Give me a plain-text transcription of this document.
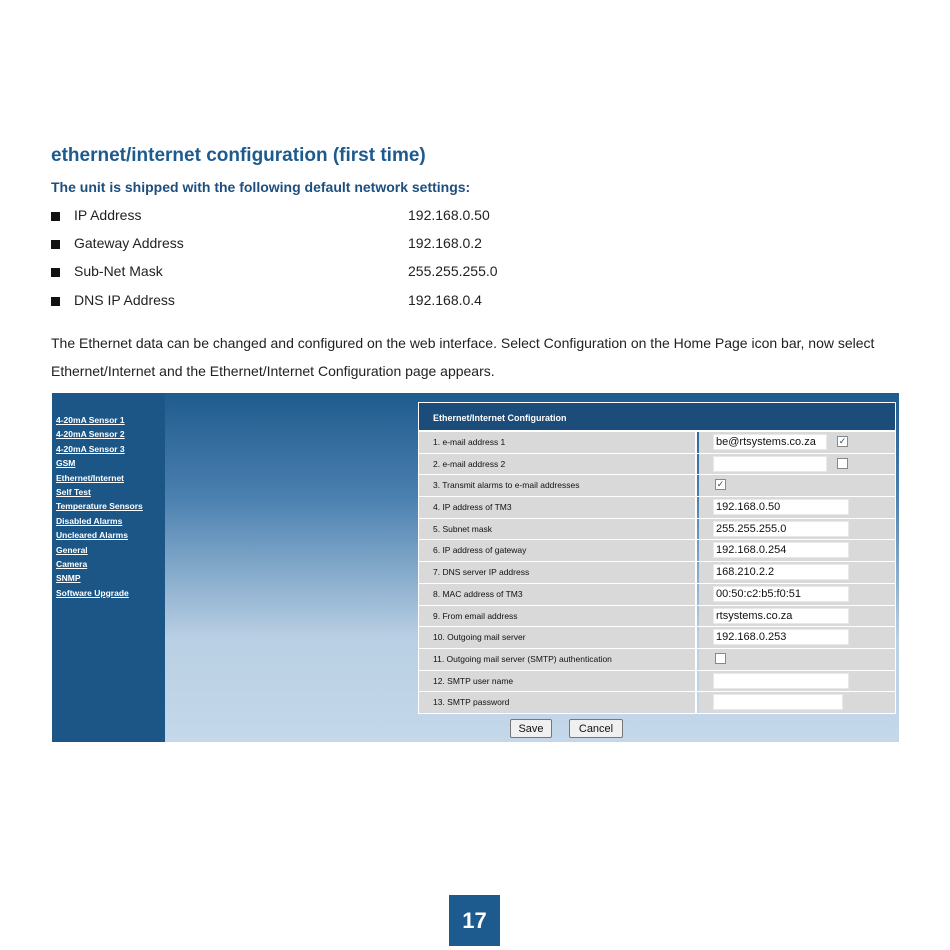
ethernet/internet configuration (first time)
The unit is shipped with the following default network settings:
IP Address	192.168.0.50
Gateway Address	192.168.0.2
Sub-Net Mask	255.255.255.0
DNS IP Address	192.168.0.4
The Ethernet data can be changed and configured on the web interface. Select Configuration on the Home Page icon bar, now select
Ethernet/Internet and the Ethernet/Internet Configuration page appears.
4-20mA Sensor 1
4-20mA Sensor 2
4-20mA Sensor 3
GSM
Ethernet/Internet
Self Test
Temperature Sensors
Disabled Alarms
Uncleared Alarms
General
Camera
SNMP
Software Upgrade
Ethernet/Internet Configuration
1. e-mail address 1	be@rtsystems.co.za	✓
2. e-mail address 2
3. Transmit alarms to e-mail addresses	✓
4. IP address of TM3	192.168.0.50
5. Subnet mask	255.255.255.0
6. IP address of gateway	192.168.0.254
7. DNS server IP address	168.210.2.2
8. MAC address of TM3	00:50:c2:b5:f0:51
9. From email address	rtsystems.co.za
10. Outgoing mail server	192.168.0.253
11. Outgoing mail server (SMTP) authentication
12. SMTP user name
13. SMTP password
Save	Cancel
17
